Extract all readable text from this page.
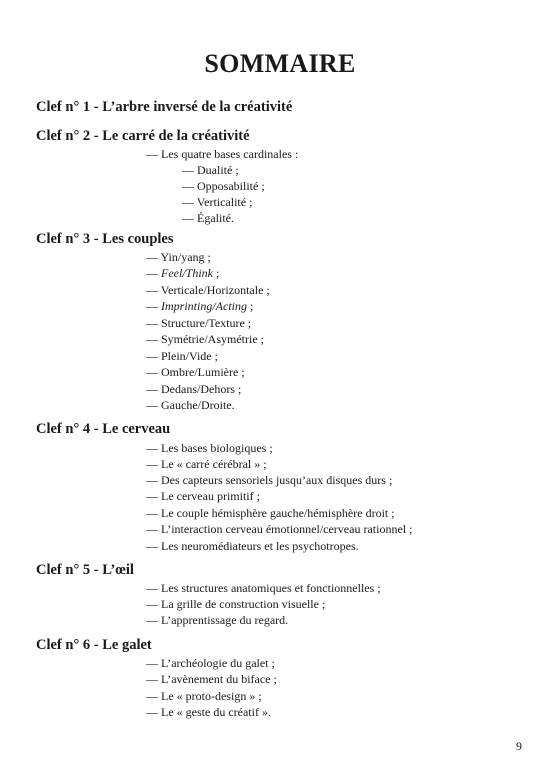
SOMMAIRE
Clef n° 1 - L’arbre inversé de la créativité
Clef n° 2 - Le carré de la créativité
— Les quatre bases cardinales :
— Dualité ;
— Opposabilité ;
— Verticalité ;
— Égalité.
Clef n° 3 - Les couples
— Yin/yang ;
— Feel/Think ;
— Verticale/Horizontale ;
— Imprinting/Acting ;
— Structure/Texture ;
— Symétrie/Asymétrie ;
— Plein/Vide ;
— Ombre/Lumière ;
— Dedans/Dehors ;
— Gauche/Droite.
Clef n° 4 - Le cerveau
— Les bases biologiques ;
— Le « carré cérébral » ;
— Des capteurs sensoriels jusqu’aux disques durs ;
— Le cerveau primitif ;
— Le couple hémisphère gauche/hémisphère droit ;
— L’interaction cerveau émotionnel/cerveau rationnel ;
— Les neuromédiateurs et les psychotropes.
Clef n° 5 - L’œil
— Les structures anatomiques et fonctionnelles ;
— La grille de construction visuelle ;
— L’apprentissage du regard.
Clef n° 6 - Le galet
— L’archéologie du galet ;
— L’avènement du biface ;
— Le « proto-design » ;
— Le « geste du créatif ».
9
